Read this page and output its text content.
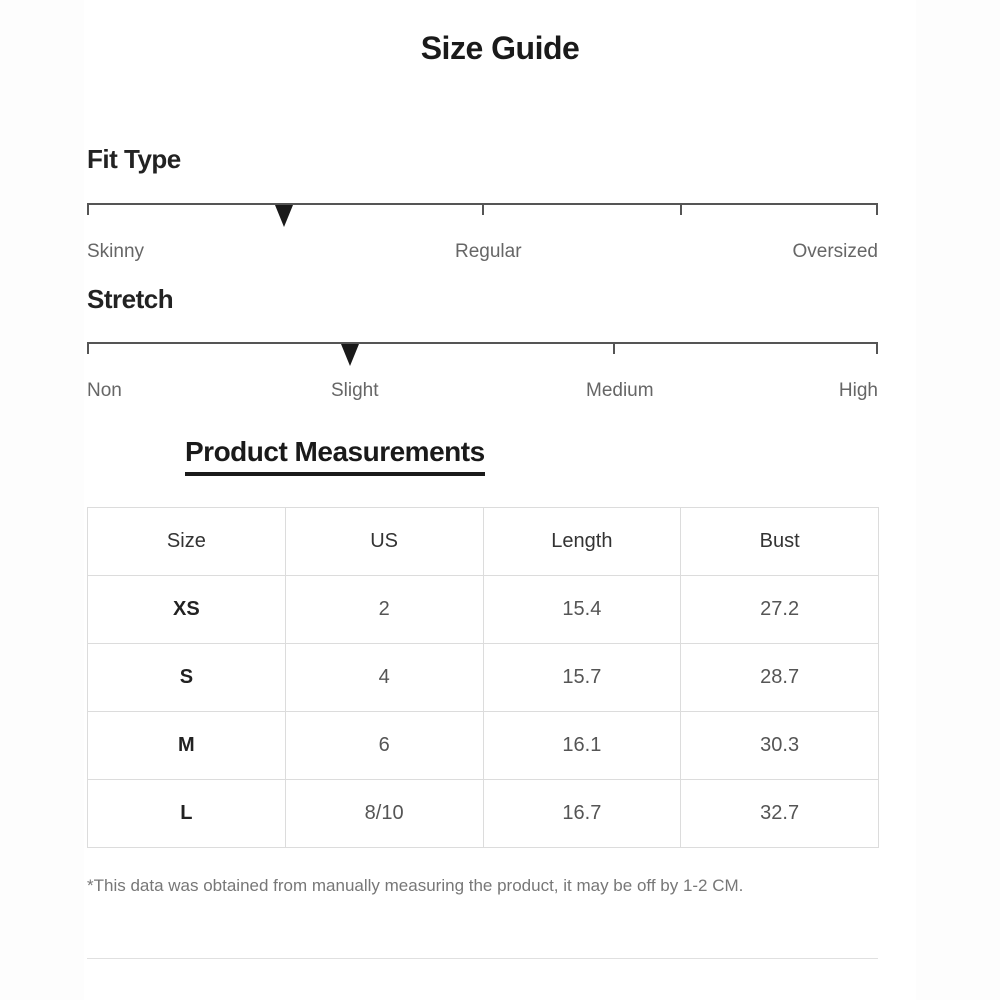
Size Guide
Fit Type
Skinny	Regular	Oversized
Stretch
Non	Slight	Medium	High
Product Measurements
Size	US	Length	Bust
XS	2	15.4	27.2
S	4	15.7	28.7
M	6	16.1	30.3
L	8/10	16.7	32.7
*This data was obtained from manually measuring the product, it may be off by 1-2 CM.
